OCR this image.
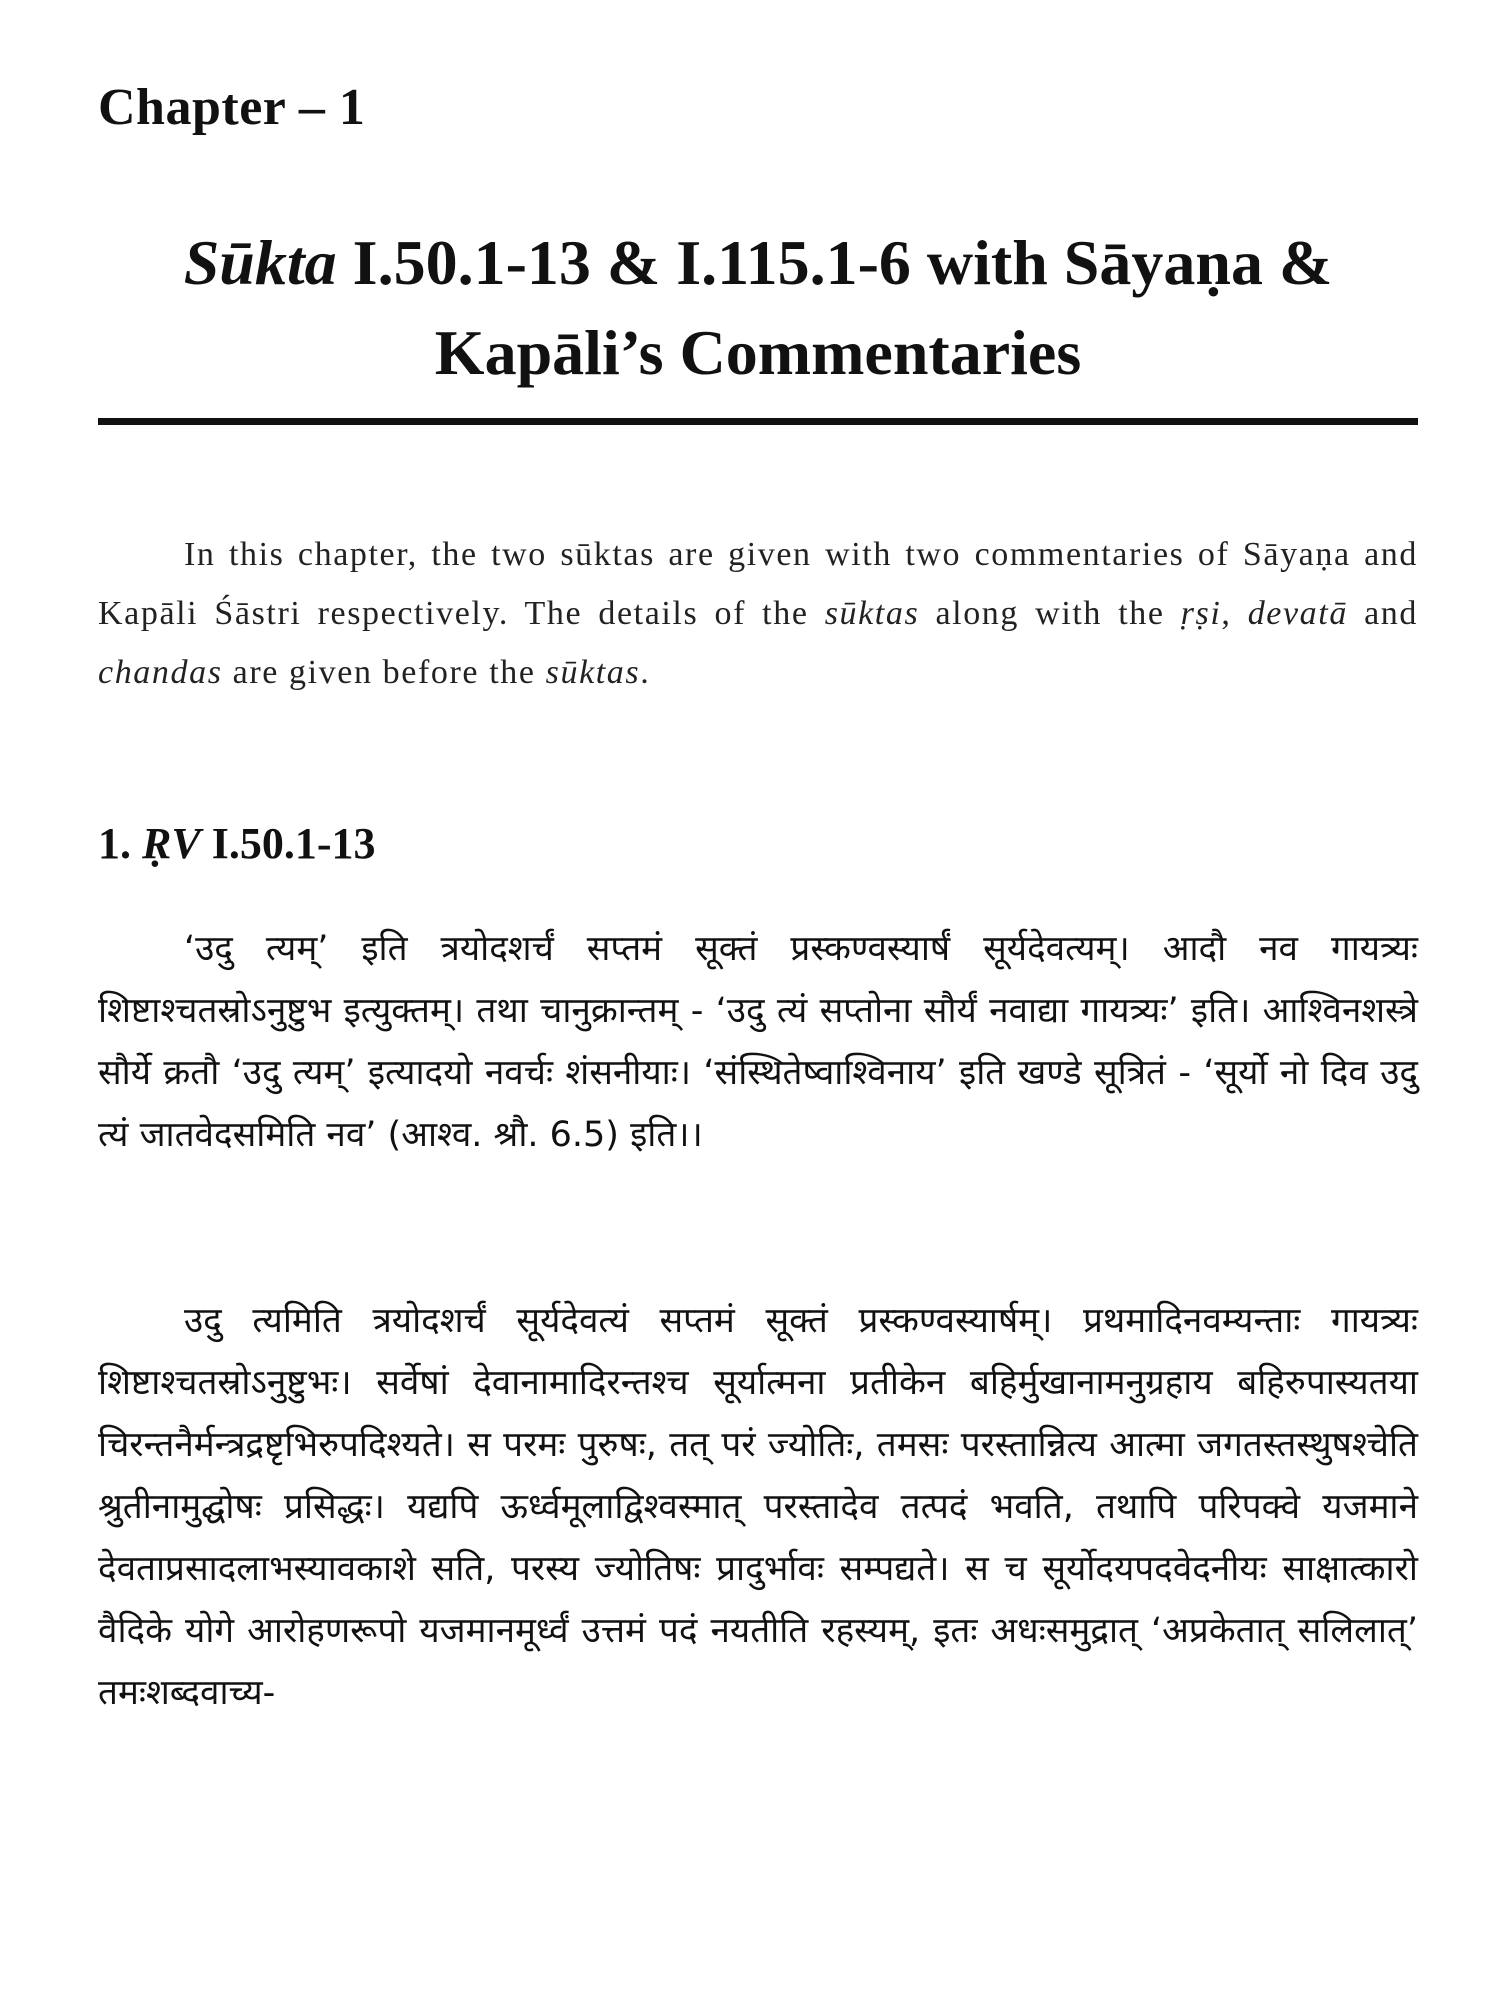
Chapter – 1
Sūkta I.50.1-13 & I.115.1-6 with Sāyaṇa & Kapāli’s Commentaries

In this chapter, the two sūktas are given with two commentaries of Sāyaṇa and Kapāli Śāstri respectively. The details of the sūktas along with the ṛṣi, devatā and chandas are given before the sūktas.

1. ṚV I.50.1-13

‘उदु त्यम्’ इति त्रयोदशर्चं सप्तमं सूक्तं प्रस्कण्वस्यार्षं सूर्यदेवत्यम्। आदौ नव गायत्र्यः शिष्टाश्चतस्रोऽनुष्टुभ इत्युक्तम्। तथा चानुक्रान्तम् - ‘उदु त्यं सप्तोना सौर्यं नवाद्या गायत्र्यः’ इति। आश्विनशस्त्रे सौर्ये क्रतौ ‘उदु त्यम्’ इत्यादयो नवर्चः शंसनीयाः। ‘संस्थितेष्वाश्विनाय’ इति खण्डे सूत्रितं - ‘सूर्यो नो दिव उदु त्यं जातवेदसमिति नव’ (आश्व. श्रौ. 6.5) इति।।

उदु त्यमिति त्रयोदशर्चं सूर्यदेवत्यं सप्तमं सूक्तं प्रस्कण्वस्यार्षम्। प्रथमादिनवम्यन्ताः गायत्र्यः शिष्टाश्चतस्रोऽनुष्टुभः। सर्वेषां देवानामादिरन्तश्च सूर्यात्मना प्रतीकेन बहिर्मुखानामनुग्रहाय बहिरुपास्यतया चिरन्तनैर्मन्त्रद्रष्टृभिरुपदिश्यते। स परमः पुरुषः, तत् परं ज्योतिः, तमसः परस्तान्नित्य आत्मा जगतस्तस्थुषश्चेति श्रुतीनामुद्घोषः प्रसिद्धः। यद्यपि ऊर्ध्वमूलाद्विश्वस्मात् परस्तादेव तत्पदं भवति, तथापि परिपक्वे यजमाने देवताप्रसादलाभस्यावकाशे सति, परस्य ज्योतिषः प्रादुर्भावः सम्पद्यते। स च सूर्योदयपदवेदनीयः साक्षात्कारो वैदिके योगे आरोहणरूपो यजमानमूर्ध्वं उत्तमं पदं नयतीति रहस्यम्, इतः अधःसमुद्रात् ‘अप्रकेतात् सलिलात्’ तमःशब्दवाच्य-
